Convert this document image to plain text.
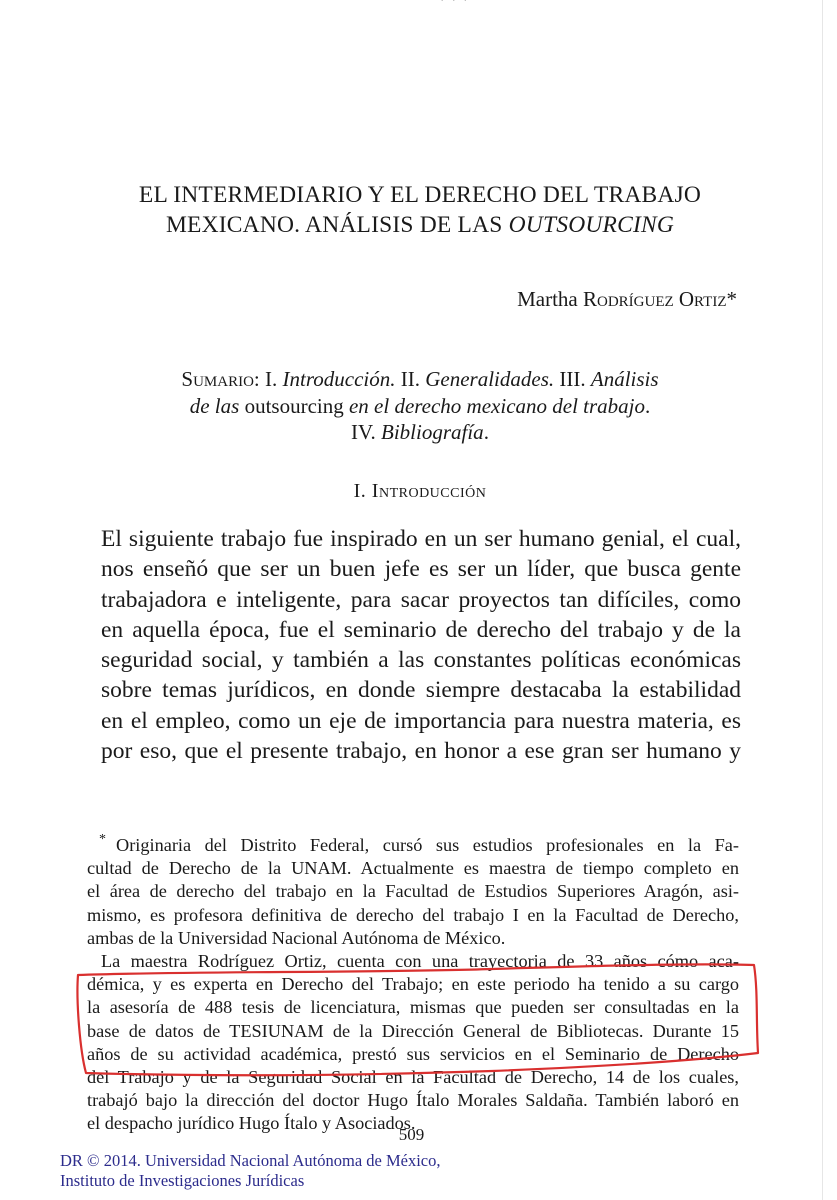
EL INTERMEDIARIO Y EL DERECHO DEL TRABAJO
MEXICANO. ANÁLISIS DE LAS OUTSOURCING
Martha Rodríguez Ortiz*
Sumario: I. Introducción. II. Generalidades. III. Análisis
de las outsourcing en el derecho mexicano del trabajo.
IV. Bibliografía.
I. Introducción
El siguiente trabajo fue inspirado en un ser humano genial, el cual,
nos enseñó que ser un buen jefe es ser un líder, que busca gente
trabajadora e inteligente, para sacar proyectos tan difíciles, como
en aquella época, fue el seminario de derecho del trabajo y de la
seguridad social, y también a las constantes políticas económicas
sobre temas jurídicos, en donde siempre destacaba la estabilidad
en el empleo, como un eje de importancia para nuestra materia, es
por eso, que el presente trabajo, en honor a ese gran ser humano y
* Originaria del Distrito Federal, cursó sus estudios profesionales en la Fa-
cultad de Derecho de la UNAM. Actualmente es maestra de tiempo completo en
el área de derecho del trabajo en la Facultad de Estudios Superiores Aragón, asi-
mismo, es profesora definitiva de derecho del trabajo I en la Facultad de Derecho,
ambas de la Universidad Nacional Autónoma de México.
La maestra Rodríguez Ortiz, cuenta con una trayectoria de 33 años cómo aca-
démica, y es experta en Derecho del Trabajo; en este periodo ha tenido a su cargo
la asesoría de 488 tesis de licenciatura, mismas que pueden ser consultadas en la
base de datos de TESIUNAM de la Dirección General de Bibliotecas. Durante 15
años de su actividad académica, prestó sus servicios en el Seminario de Derecho
del Trabajo y de la Seguridad Social en la Facultad de Derecho, 14 de los cuales,
trabajó bajo la dirección del doctor Hugo Ítalo Morales Saldaña. También laboró en
el despacho jurídico Hugo Ítalo y Asociados.
509
DR © 2014. Universidad Nacional Autónoma de México,
Instituto de Investigaciones Jurídicas
